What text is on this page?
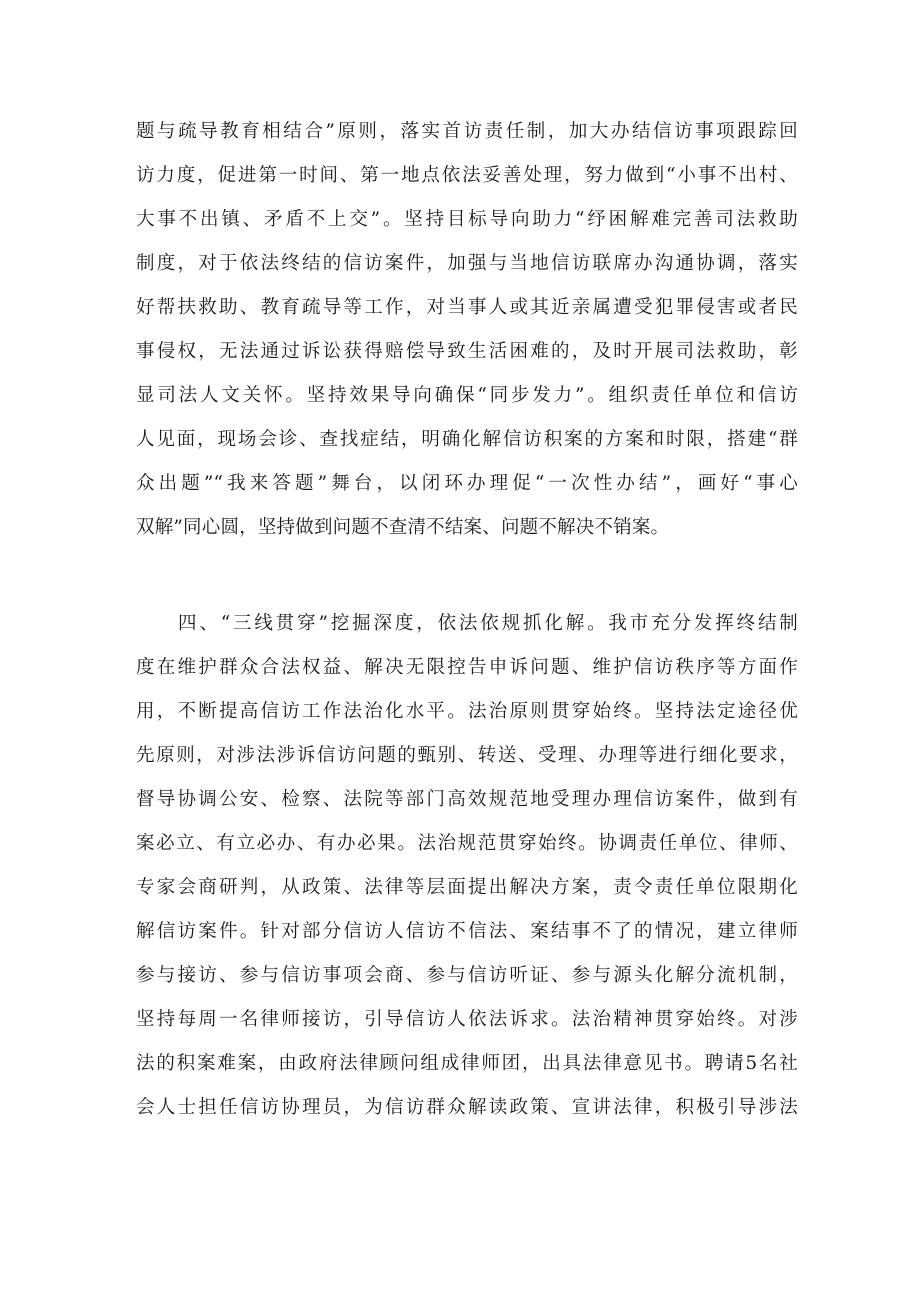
题与疏导教育相结合”原则，落实首访责任制，加大办结信访事项跟踪回
访力度，促进第一时间、第一地点依法妥善处理，努力做到“小事不出村、
大事不出镇、矛盾不上交”。坚持目标导向助力“纾困解难完善司法救助
制度，对于依法终结的信访案件，加强与当地信访联席办沟通协调，落实
好帮扶救助、教育疏导等工作，对当事人或其近亲属遭受犯罪侵害或者民
事侵权，无法通过诉讼获得赔偿导致生活困难的，及时开展司法救助，彰
显司法人文关怀。坚持效果导向确保“同步发力”。组织责任单位和信访
人见面，现场会诊、查找症结，明确化解信访积案的方案和时限，搭建“群
众出题”“我来答题”舞台，以闭环办理促“一次性办结”，画好“事心
双解”同心圆，坚持做到问题不查清不结案、问题不解决不销案。
四、“三线贯穿”挖掘深度，依法依规抓化解。我市充分发挥终结制
度在维护群众合法权益、解决无限控告申诉问题、维护信访秩序等方面作
用，不断提高信访工作法治化水平。法治原则贯穿始终。坚持法定途径优
先原则，对涉法涉诉信访问题的甄别、转送、受理、办理等进行细化要求，
督导协调公安、检察、法院等部门高效规范地受理办理信访案件，做到有
案必立、有立必办、有办必果。法治规范贯穿始终。协调责任单位、律师、
专家会商研判，从政策、法律等层面提出解决方案，责令责任单位限期化
解信访案件。针对部分信访人信访不信法、案结事不了的情况，建立律师
参与接访、参与信访事项会商、参与信访听证、参与源头化解分流机制，
坚持每周一名律师接访，引导信访人依法诉求。法治精神贯穿始终。对涉
法的积案难案，由政府法律顾问组成律师团，出具法律意见书。聘请5名社
会人士担任信访协理员，为信访群众解读政策、宣讲法律，积极引导涉法
